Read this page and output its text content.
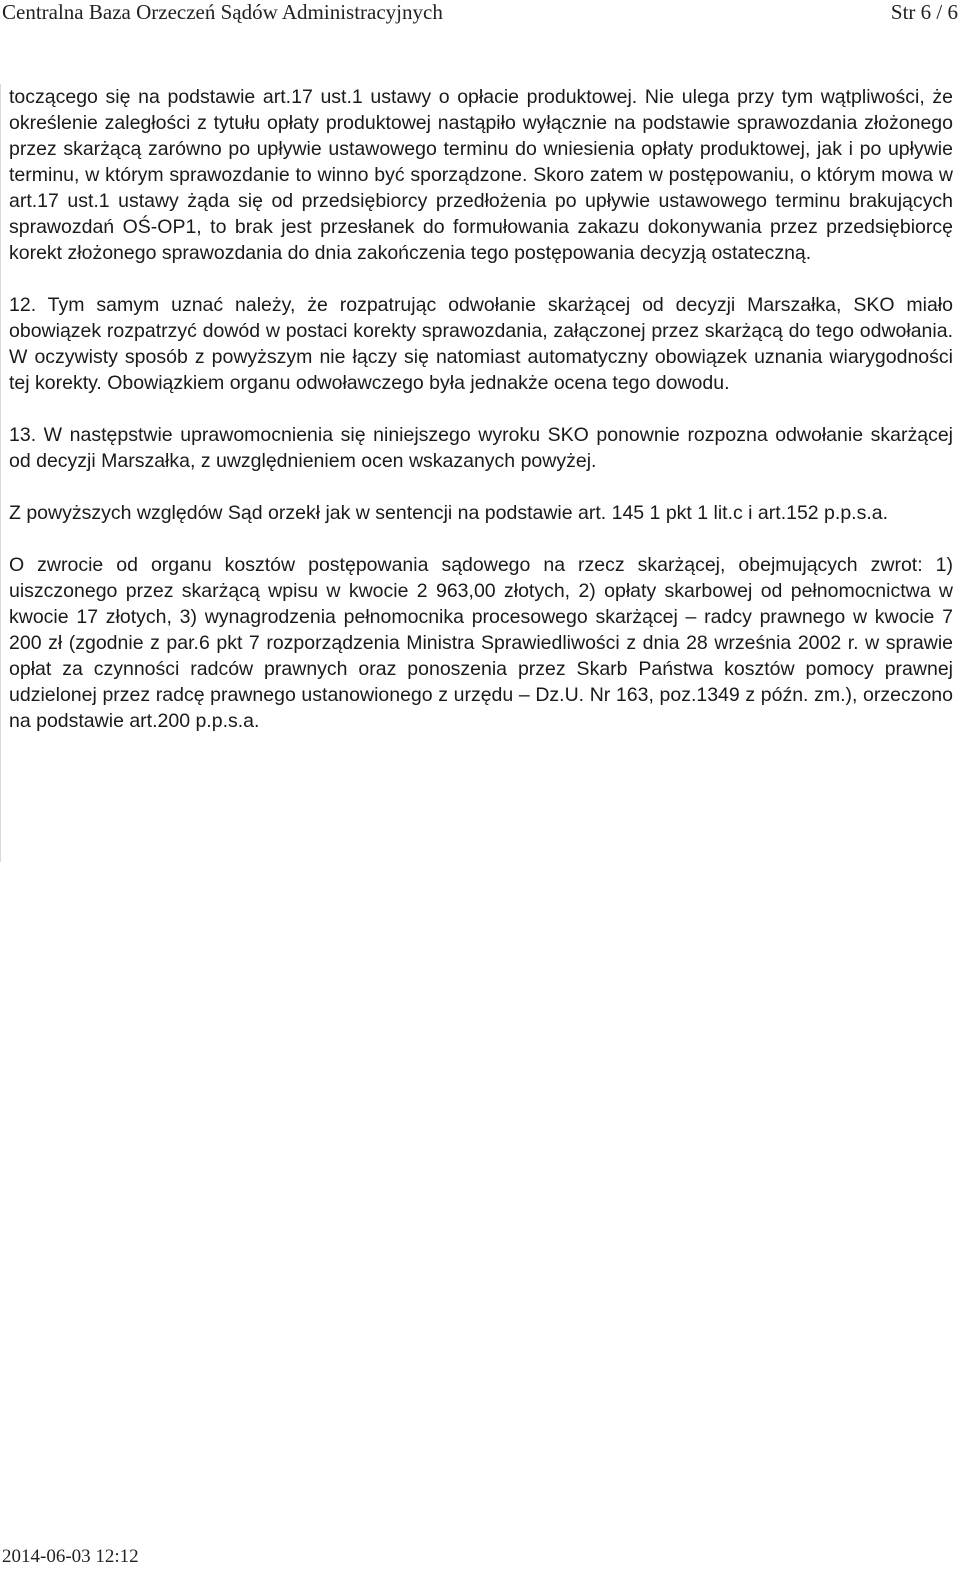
Centralna Baza Orzeczeń Sądów Administracyjnych	Str 6 / 6

toczącego się na podstawie art.17 ust.1 ustawy o opłacie produktowej. Nie ulega przy tym wątpliwości, że określenie zaległości z tytułu opłaty produktowej nastąpiło wyłącznie na podstawie sprawozdania złożonego przez skarżącą zarówno po upływie ustawowego terminu do wniesienia opłaty produktowej, jak i po upływie terminu, w którym sprawozdanie to winno być sporządzone. Skoro zatem w postępowaniu, o którym mowa w art.17 ust.1 ustawy żąda się od przedsiębiorcy przedłożenia po upływie ustawowego terminu brakujących sprawozdań OŚ-OP1, to brak jest przesłanek do formułowania zakazu dokonywania przez przedsiębiorcę korekt złożonego sprawozdania do dnia zakończenia tego postępowania decyzją ostateczną.

12. Tym samym uznać należy, że rozpatrując odwołanie skarżącej od decyzji Marszałka, SKO miało obowiązek rozpatrzyć dowód w postaci korekty sprawozdania, załączonej przez skarżącą do tego odwołania. W oczywisty sposób z powyższym nie łączy się natomiast automatyczny obowiązek uznania wiarygodności tej korekty. Obowiązkiem organu odwoławczego była jednakże ocena tego dowodu.

13. W następstwie uprawomocnienia się niniejszego wyroku SKO ponownie rozpozna odwołanie skarżącej od decyzji Marszałka, z uwzględnieniem ocen wskazanych powyżej.

Z powyższych względów Sąd orzekł jak w sentencji na podstawie art. 145 1 pkt 1 lit.c i art.152 p.p.s.a.

O zwrocie od organu kosztów postępowania sądowego na rzecz skarżącej, obejmujących zwrot: 1) uiszczonego przez skarżącą wpisu w kwocie 2 963,00 złotych, 2) opłaty skarbowej od pełnomocnictwa w kwocie 17 złotych, 3) wynagrodzenia pełnomocnika procesowego skarżącej – radcy prawnego w kwocie 7 200 zł (zgodnie z par.6 pkt 7 rozporządzenia Ministra Sprawiedliwości z dnia 28 września 2002 r. w sprawie opłat za czynności radców prawnych oraz ponoszenia przez Skarb Państwa kosztów pomocy prawnej udzielonej przez radcę prawnego ustanowionego z urzędu – Dz.U. Nr 163, poz.1349 z późn. zm.), orzeczono na podstawie art.200 p.p.s.a.

2014-06-03 12:12
